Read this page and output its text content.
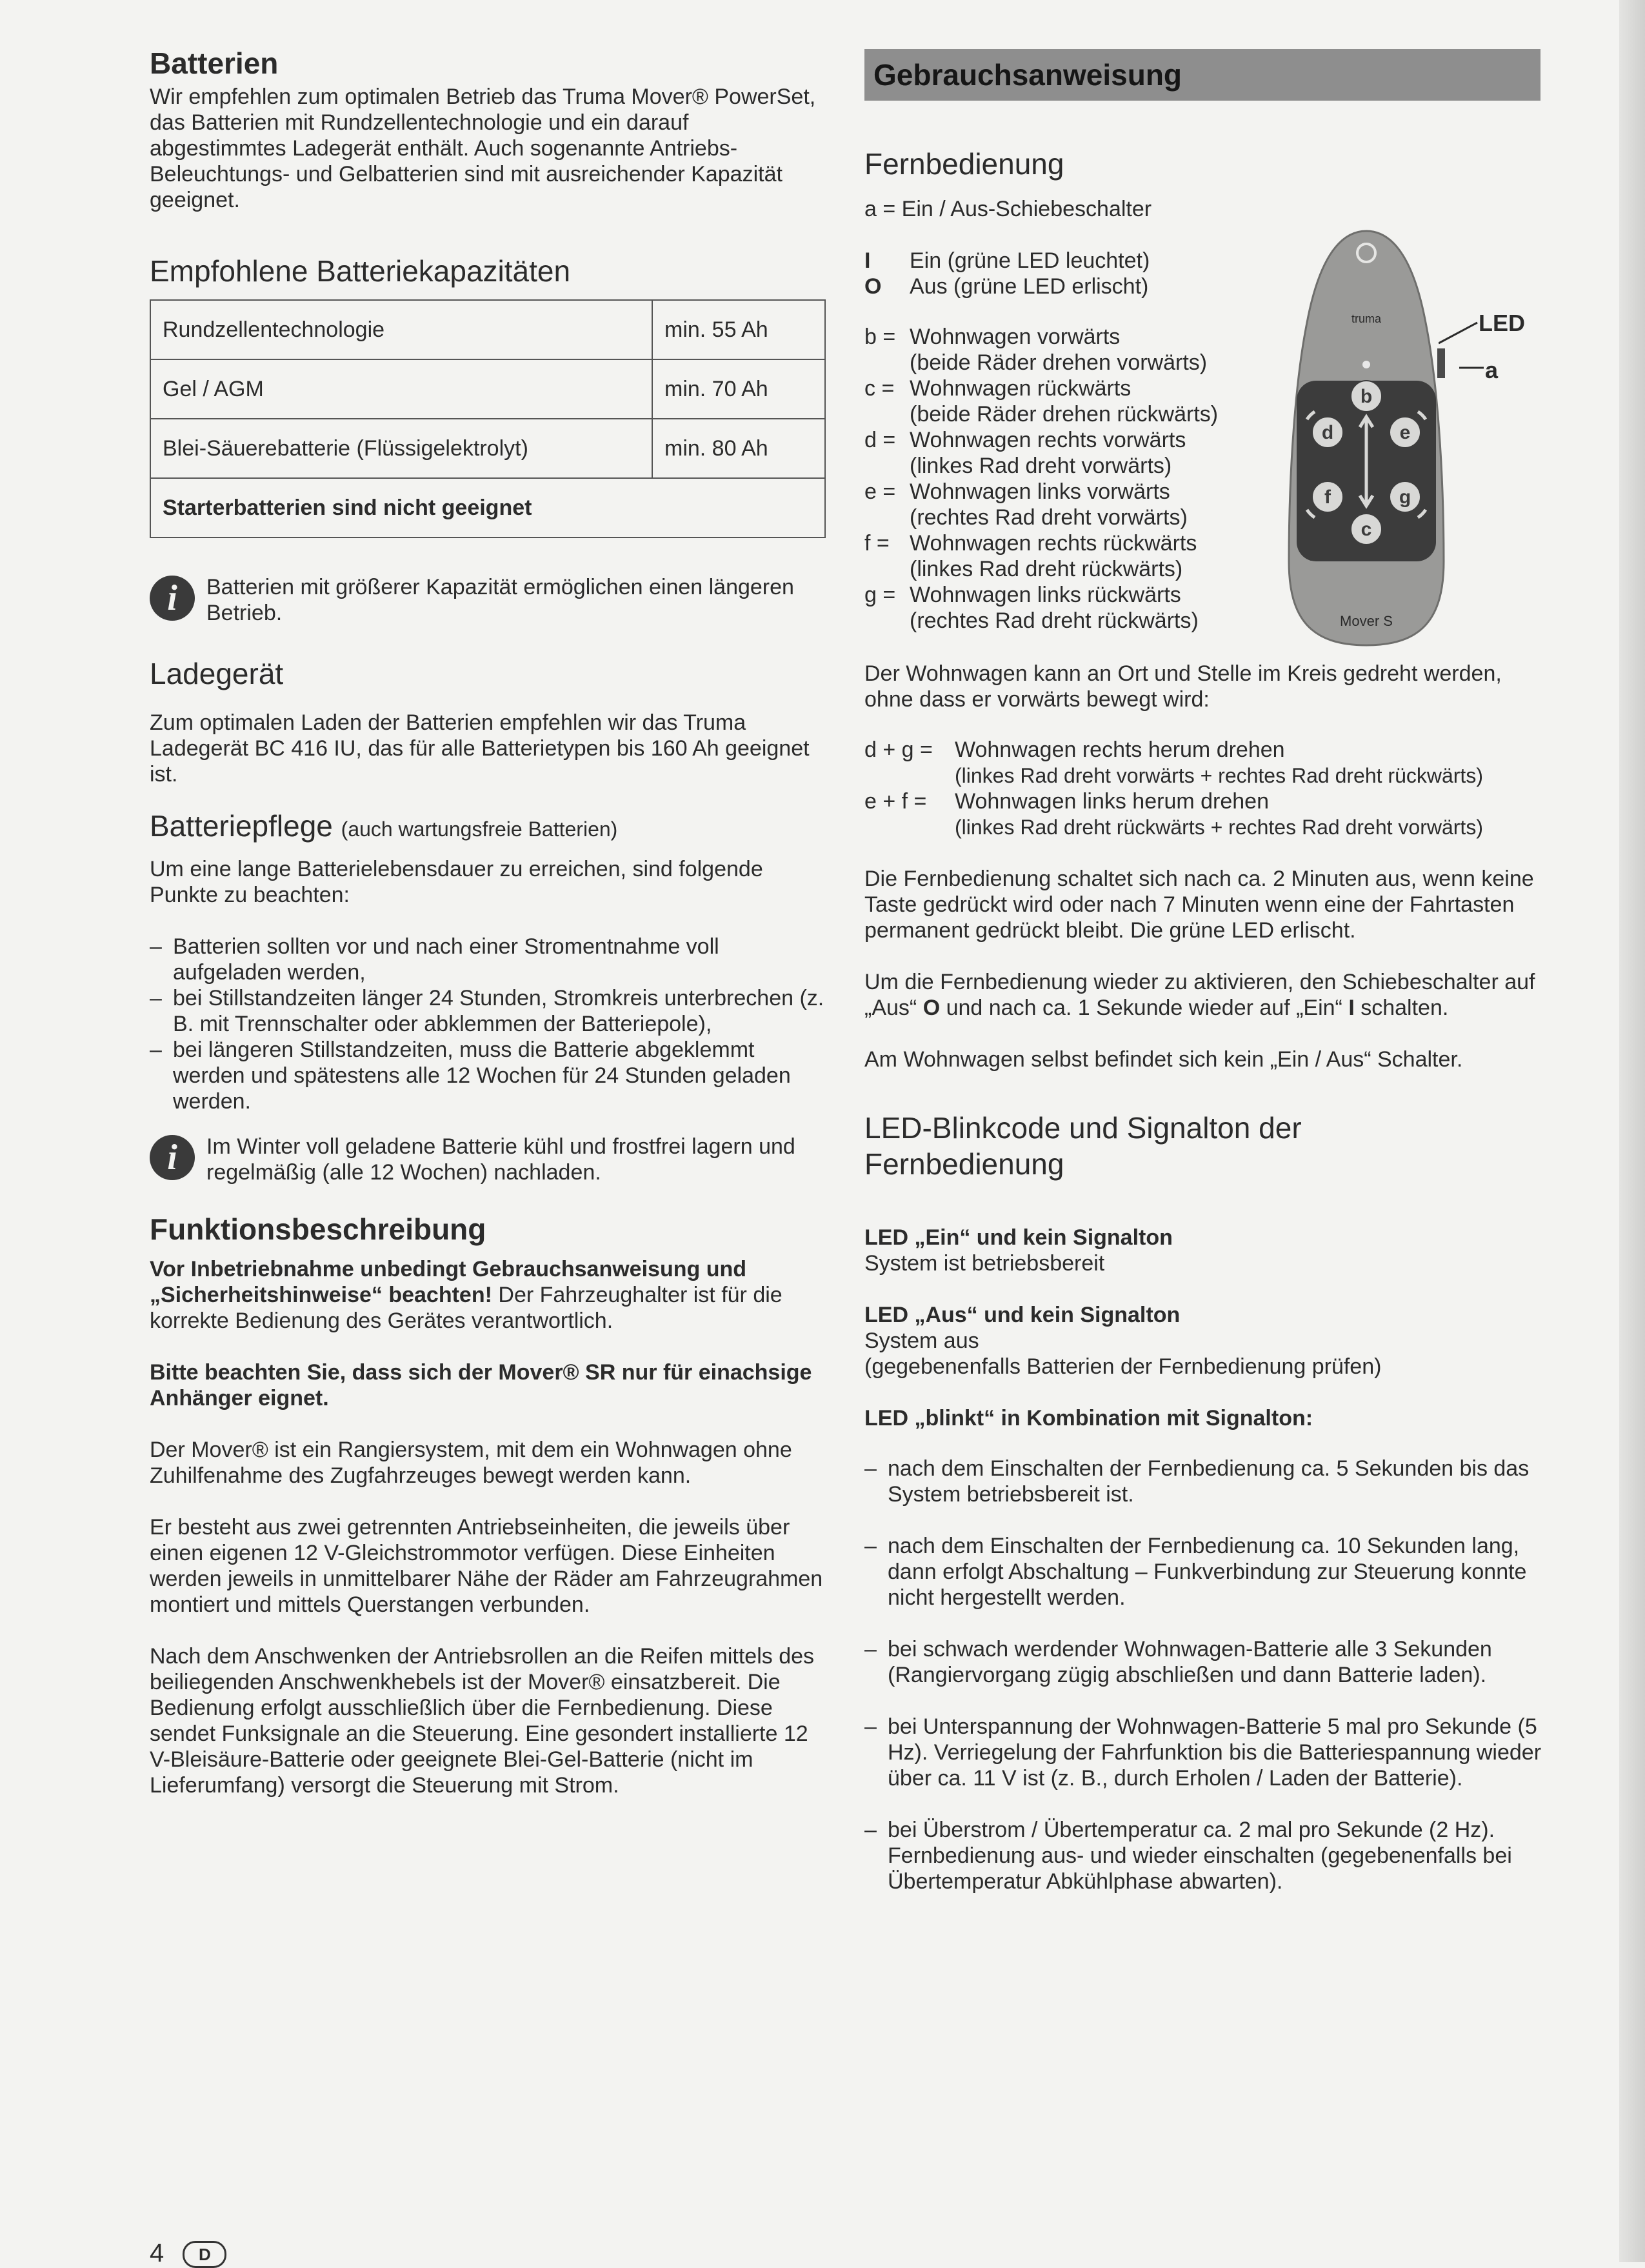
Batterien

Wir empfehlen zum optimalen Betrieb das Truma Mover® PowerSet, das Batterien mit Rundzellentechnologie und ein darauf abgestimmtes Ladegerät enthält. Auch sogenannte Antriebs- Beleuchtungs- und Gelbatterien sind mit ausreichender Kapazität geeignet.

Empfohlene Batteriekapazitäten
Rundzellentechnologie	min. 55 Ah
Gel / AGM	min. 70 Ah
Blei-Säuerebatterie (Flüssigelektrolyt)	min. 80 Ah
Starterbatterien sind nicht geeignet	
i	Batterien mit größerer Kapazität ermöglichen einen längeren Betrieb.

Ladegerät

Zum optimalen Laden der Batterien empfehlen wir das Truma Ladegerät BC 416 IU, das für alle Batterietypen bis 160 Ah geeignet ist.

Batteriepflege (auch wartungsfreie Batterien)

Um eine lange Batterielebensdauer zu erreichen, sind folgende Punkte zu beachten:

– Batterien sollten vor und nach einer Stromentnahme voll aufgeladen werden,
– bei Stillstandzeiten länger 24 Stunden, Stromkreis unterbrechen (z. B. mit Trennschalter oder abklemmen der Batteriepole),
– bei längeren Stillstandzeiten, muss die Batterie abgeklemmt werden und spätestens alle 12 Wochen für 24 Stunden geladen werden.
i	Im Winter voll geladene Batterie kühl und frostfrei lagern und regelmäßig (alle 12 Wochen) nachladen.

Funktionsbeschreibung

Vor Inbetriebnahme unbedingt Gebrauchsanweisung und „Sicherheitshinweise“ beachten! Der Fahrzeughalter ist für die korrekte Bedienung des Gerätes verantwortlich.

Bitte beachten Sie, dass sich der Mover® SR nur für einachsige Anhänger eignet.

Der Mover® ist ein Rangiersystem, mit dem ein Wohnwagen ohne Zuhilfenahme des Zugfahrzeuges bewegt werden kann.

Er besteht aus zwei getrennten Antriebseinheiten, die jeweils über einen eigenen 12 V-Gleichstrommotor verfügen. Diese Einheiten werden jeweils in unmittelbarer Nähe der Räder am Fahrzeugrahmen montiert und mittels Querstangen verbunden.

Nach dem Anschwenken der Antriebsrollen an die Reifen mittels des beiliegenden Anschwenkhebels ist der Mover® einsatzbereit. Die Bedienung erfolgt ausschließlich über die Fernbedienung. Diese sendet Funksignale an die Steuerung. Eine gesondert installierte 12 V-Bleisäure-Batterie oder geeignete Blei-Gel-Batterie (nicht im Lieferumfang) versorgt die Steuerung mit Strom.

Gebrauchsanweisung
Fernbedienung

a = Ein / Aus-Schiebeschalter

I	Ein (grüne LED leuchtet)
O	Aus (grüne LED erlischt)
b = Wohnwagen vorwärts
(beide Räder drehen vorwärts)
c = Wohnwagen rückwärts
(beide Räder drehen rückwärts)
d = Wohnwagen rechts vorwärts
(linkes Rad dreht vorwärts)
e = Wohnwagen links vorwärts
(rechtes Rad dreht vorwärts)
f = Wohnwagen rechts rückwärts
(linkes Rad dreht rückwärts)
g = Wohnwagen links rückwärts
(rechtes Rad dreht rückwärts)

Der Wohnwagen kann an Ort und Stelle im Kreis gedreht werden, ohne dass er vorwärts bewegt wird:

d + g =	Wohnwagen rechts herum drehen
(linkes Rad dreht vorwärts + rechtes Rad dreht rückwärts)
e + f =	Wohnwagen links herum drehen
(linkes Rad dreht rückwärts + rechtes Rad dreht vorwärts)

Die Fernbedienung schaltet sich nach ca. 2 Minuten aus, wenn keine Taste gedrückt wird oder nach 7 Minuten wenn eine der Fahrtasten permanent gedrückt bleibt. Die grüne LED erlischt.

Um die Fernbedienung wieder zu aktivieren, den Schiebeschalter auf „Aus“ O und nach ca. 1 Sekunde wieder auf „Ein“ I schalten.

Am Wohnwagen selbst befindet sich kein „Ein / Aus“ Schalter.

LED-Blinkcode und Signalton der Fernbedienung

LED „Ein“ und kein Signalton

System ist betriebsbereit

LED „Aus“ und kein Signalton

System aus

(gegebenenfalls Batterien der Fernbedienung prüfen)

LED „blinkt“ in Kombination mit Signalton:

– nach dem Einschalten der Fernbedienung ca. 5 Sekunden bis das System betriebsbereit ist.
– nach dem Einschalten der Fernbedienung ca. 10 Sekunden lang, dann erfolgt Abschaltung – Funkverbindung zur Steuerung konnte nicht hergestellt werden.
– bei schwach werdender Wohnwagen-Batterie alle 3 Sekunden (Rangiervorgang zügig abschließen und dann Batterie laden).
– bei Unterspannung der Wohnwagen-Batterie 5 mal pro Sekunde (5 Hz). Verriegelung der Fahrfunktion bis die Batteriespannung wieder über ca. 11 V ist (z. B., durch Erholen / Laden der Batterie).
– bei Überstrom / Übertemperatur ca. 2 mal pro Sekunde (2 Hz). Fernbedienung aus- und wieder einschalten (gegebenenfalls bei Übertemperatur Abkühlphase abwarten).
truma
b
d	e
f	g
c
Mover S
LED
a
4 D
